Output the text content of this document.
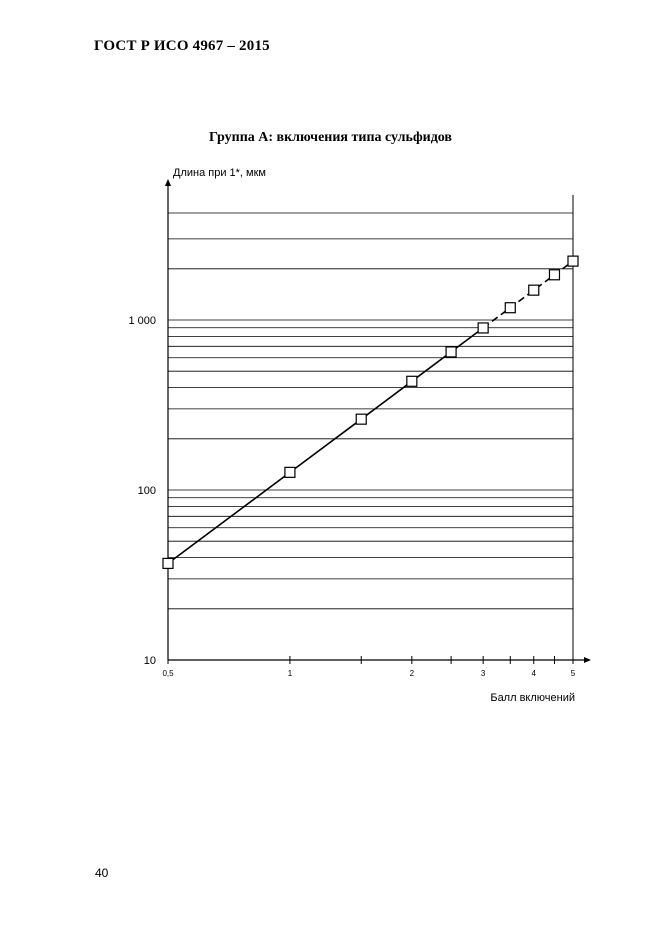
ГОСТ Р ИСО 4967 – 2015
Группа А: включения типа сульфидов
0,5	1	2	3	4	5
10
100
1 000
Длина при 1*, мкм
Балл включений
40
